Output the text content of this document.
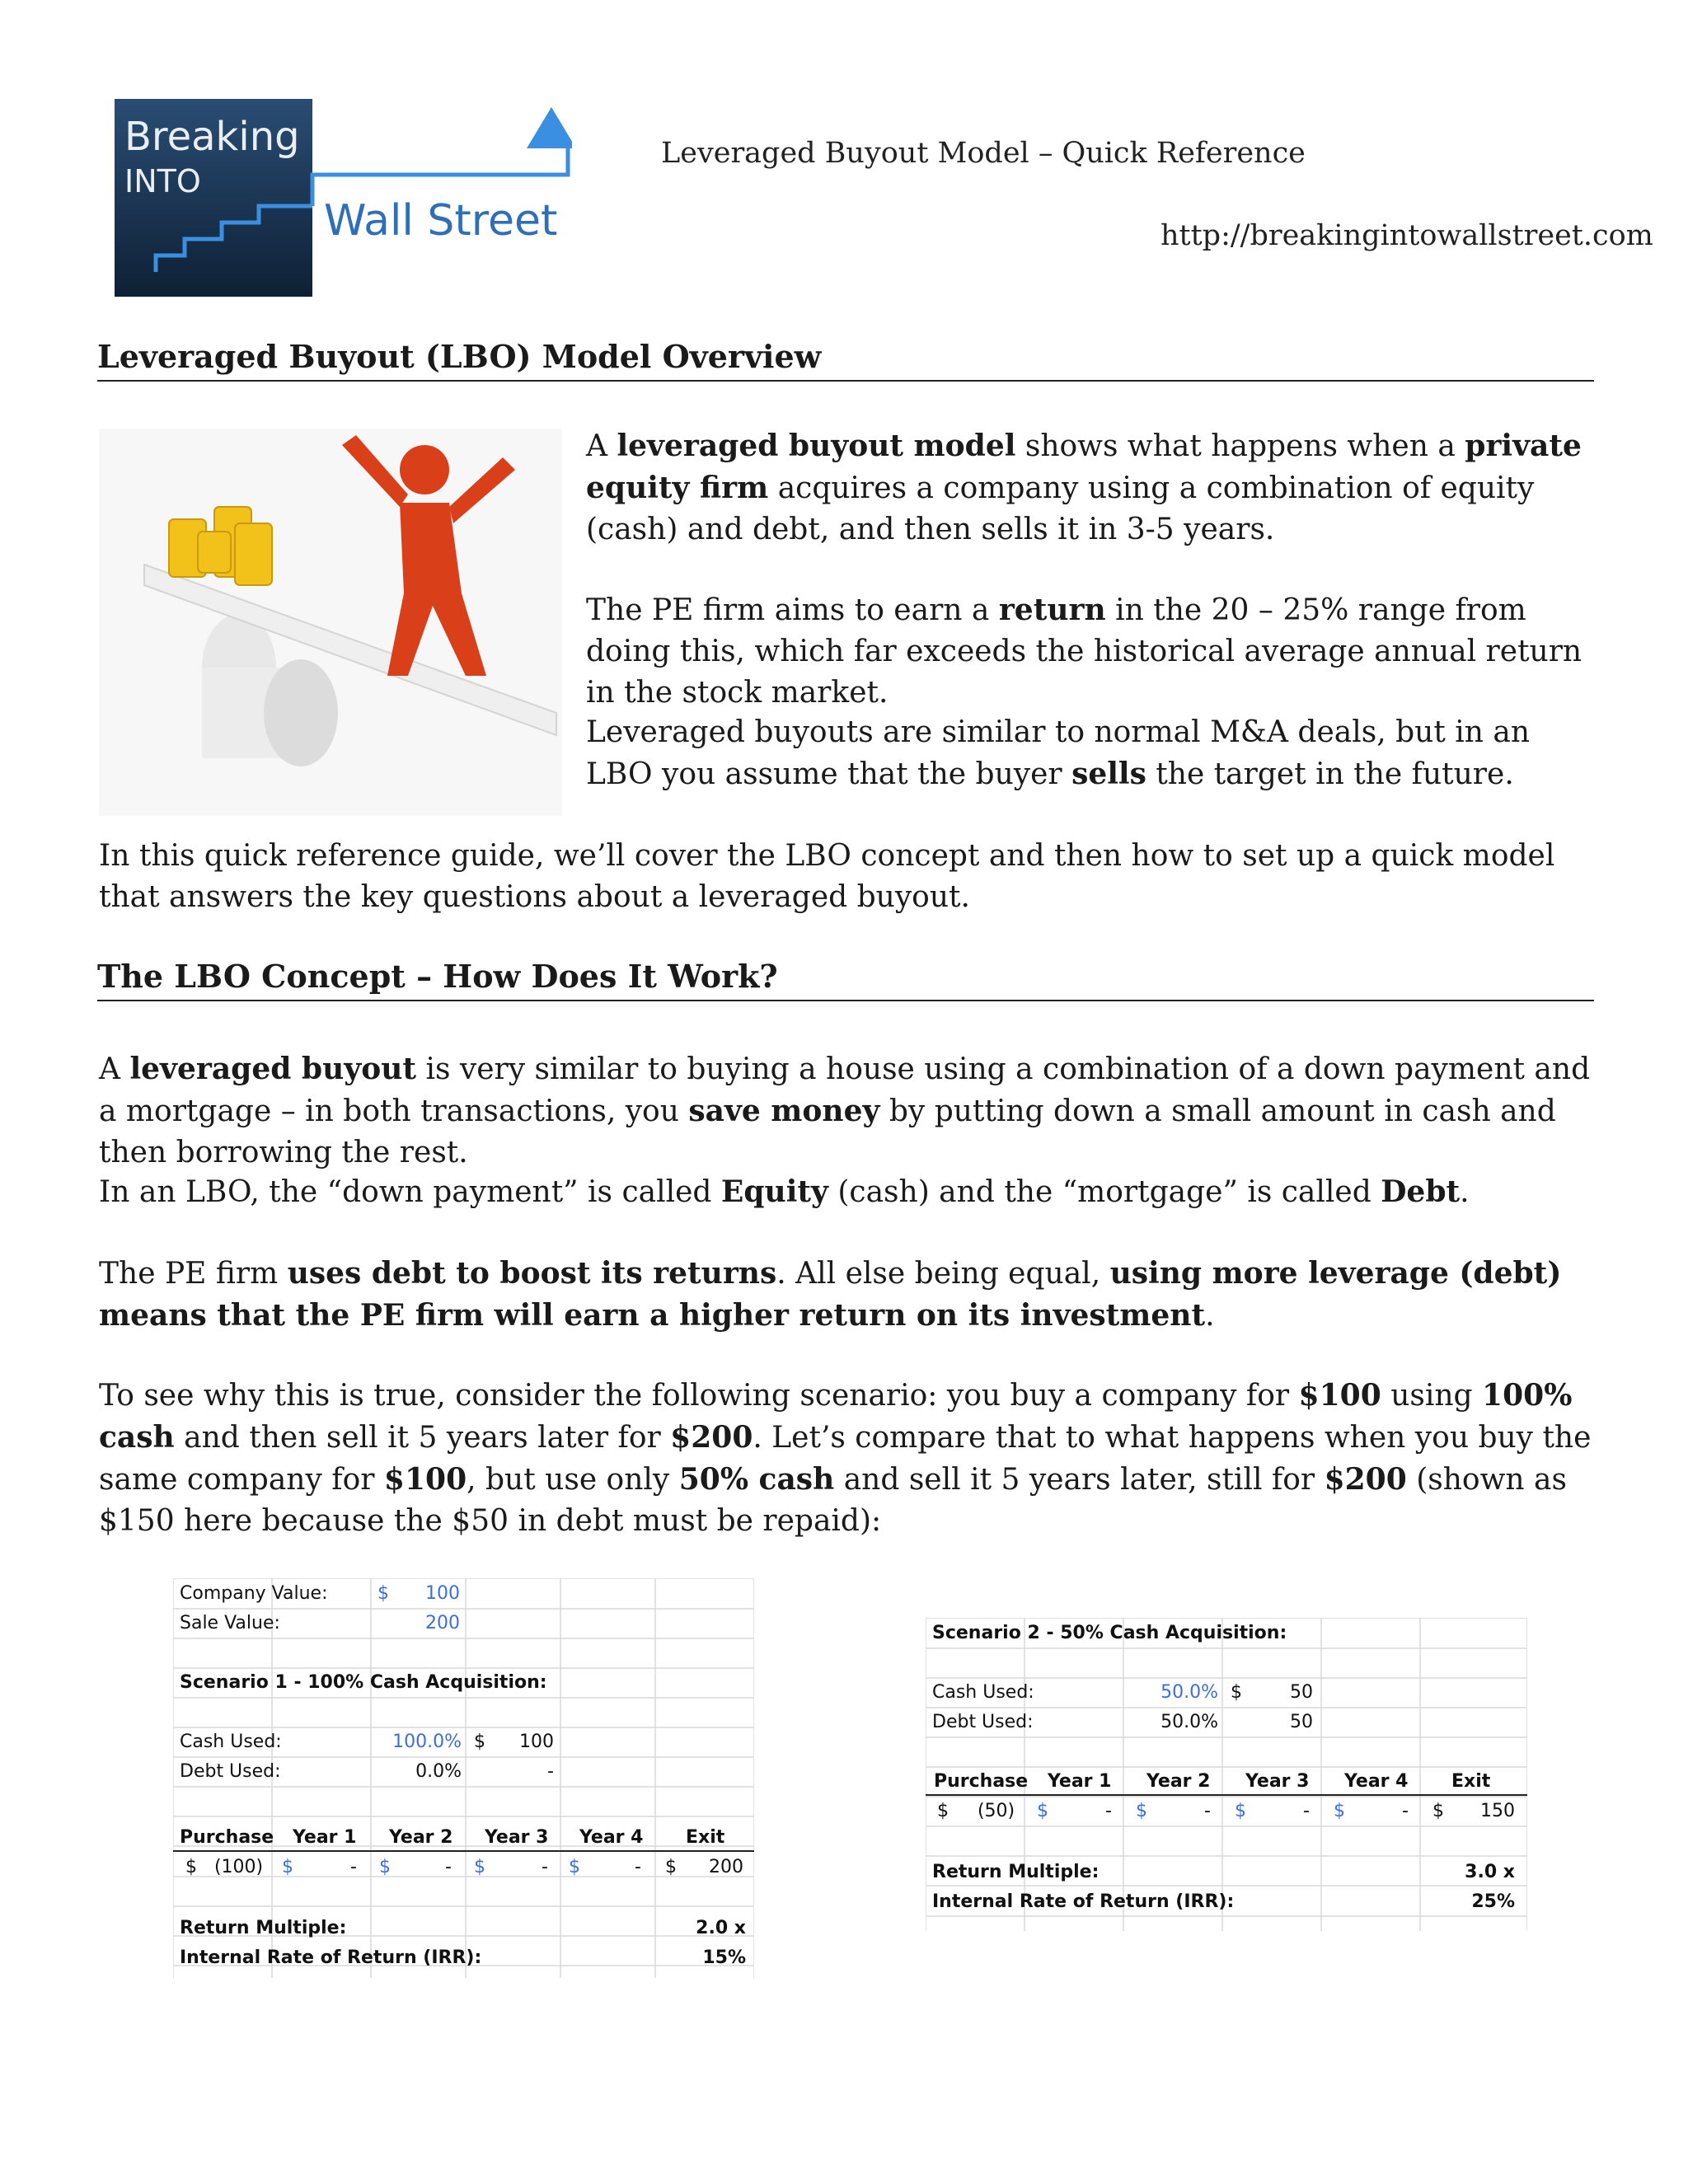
Breaking
INTO
Wall Street
Leveraged Buyout Model – Quick Reference
http://breakingintowallstreet.com
Leveraged Buyout (LBO) Model Overview

A leveraged buyout model shows what happens when a private equity firm acquires a company using a combination of equity (cash) and debt, and then sells it in 3-5 years.

The PE firm aims to earn a return in the 20 – 25% range from doing this, which far exceeds the historical average annual return in the stock market.

Leveraged buyouts are similar to normal M&A deals, but in an LBO you assume that the buyer sells the target in the future.

In this quick reference guide, we’ll cover the LBO concept and then how to set up a quick model that answers the key questions about a leveraged buyout.

The LBO Concept – How Does It Work?

A leveraged buyout is very similar to buying a house using a combination of a down payment and a mortgage – in both transactions, you save money by putting down a small amount in cash and then borrowing the rest.

In an LBO, the “down payment” is called Equity (cash) and the “mortgage” is called Debt.

The PE firm uses debt to boost its returns. All else being equal, using more leverage (debt) means that the PE firm will earn a higher return on its investment.

To see why this is true, consider the following scenario: you buy a company for $100 using 100% cash and then sell it 5 years later for $200. Let’s compare that to what happens when you buy the same company for $100, but use only 50% cash and sell it 5 years later, still for $200 (shown as $150 here because the $50 in debt must be repaid):

Company Value:	$	100
Sale Value:	200
Scenario 1 - 100% Cash Acquisition:
Cash Used:	100.0% $	100
Debt Used:	0.0%	-
Purchase Year 1 Year 2 Year 3 Year 4 Exit
$   (100) $	- $	- $	- $	- $	200
Return Multiple:	2.0 x
Internal Rate of Return (IRR):	15%
Scenario 2 - 50% Cash Acquisition:
Cash Used:	50.0% $	50
Debt Used:	50.0%	50
Purchase Year 1 Year 2 Year 3 Year 4 Exit
$     (50) $	- $	- $	- $	- $	150
Return Multiple:	3.0 x
Internal Rate of Return (IRR):	25%
